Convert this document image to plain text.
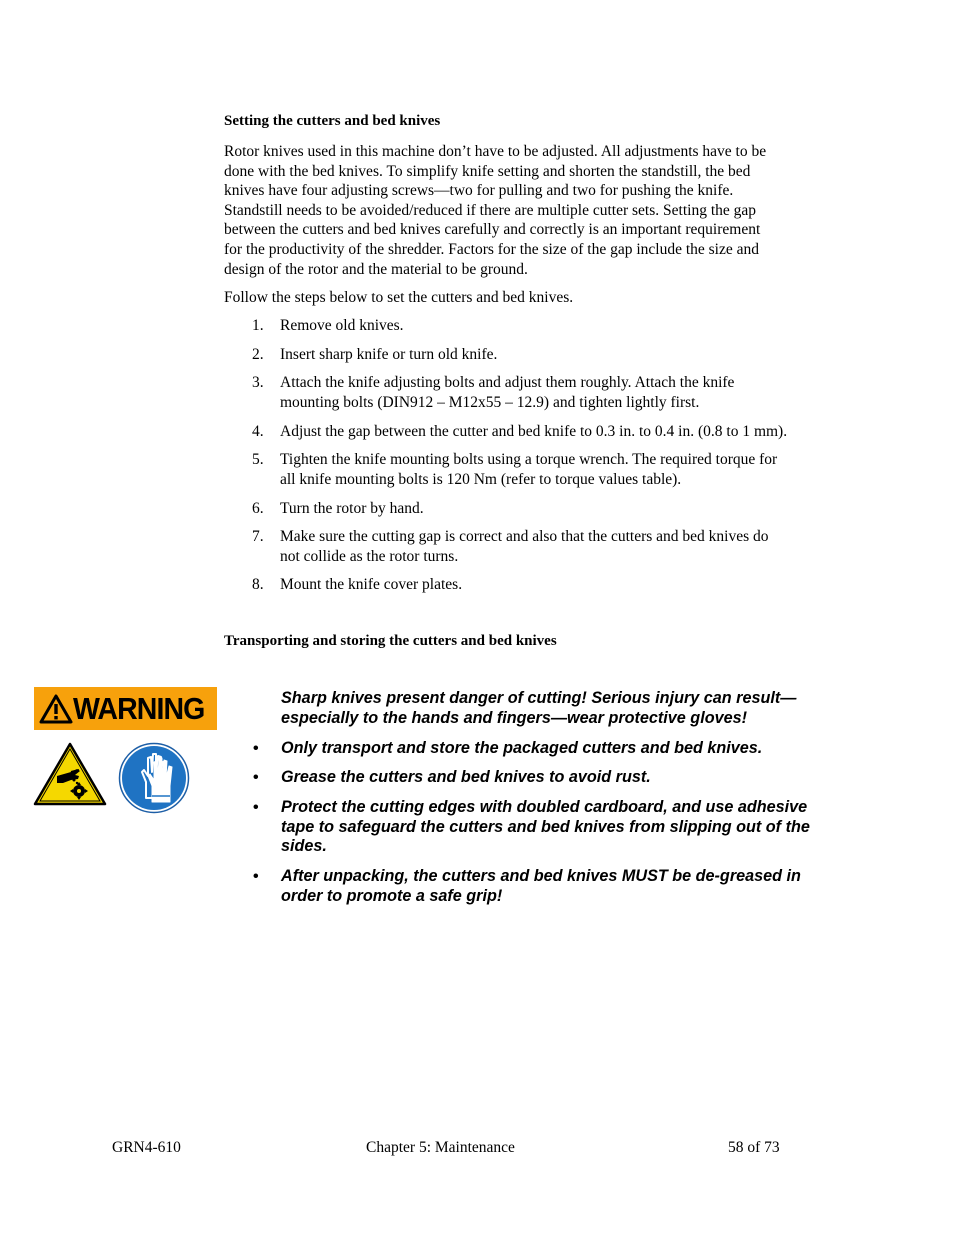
Setting the cutters and bed knives
Rotor knives used in this machine don’t have to be adjusted. All adjustments have to be
done with the bed knives. To simplify knife setting and shorten the standstill, the bed
knives have four adjusting screws—two for pulling and two for pushing the knife.
Standstill needs to be avoided/reduced if there are multiple cutter sets. Setting the gap
between the cutters and bed knives carefully and correctly is an important requirement
for the productivity of the shredder. Factors for the size of the gap include the size and
design of the rotor and the material to be ground.
Follow the steps below to set the cutters and bed knives.
1. Remove old knives.
2. Insert sharp knife or turn old knife.
3. Attach the knife adjusting bolts and adjust them roughly. Attach the knife
mounting bolts (DIN912 – M12x55 – 12.9) and tighten lightly first.
4. Adjust the gap between the cutter and bed knife to 0.3 in. to 0.4 in. (0.8 to 1 mm).
5. Tighten the knife mounting bolts using a torque wrench. The required torque for
all knife mounting bolts is 120 Nm (refer to torque values table).
6. Turn the rotor by hand.
7. Make sure the cutting gap is correct and also that the cutters and bed knives do
not collide as the rotor turns.
8. Mount the knife cover plates.
Transporting and storing the cutters and bed knives
WARNING	Sharp knives present danger of cutting! Serious injury can result—
especially to the hands and fingers—wear protective gloves!
• Only transport and store the packaged cutters and bed knives.
• Grease the cutters and bed knives to avoid rust.
• Protect the cutting edges with doubled cardboard, and use adhesive
tape to safeguard the cutters and bed knives from slipping out of the
sides.
• After unpacking, the cutters and bed knives MUST be de-greased in
order to promote a safe grip!
GRN4-610	Chapter 5: Maintenance	58 of 73
